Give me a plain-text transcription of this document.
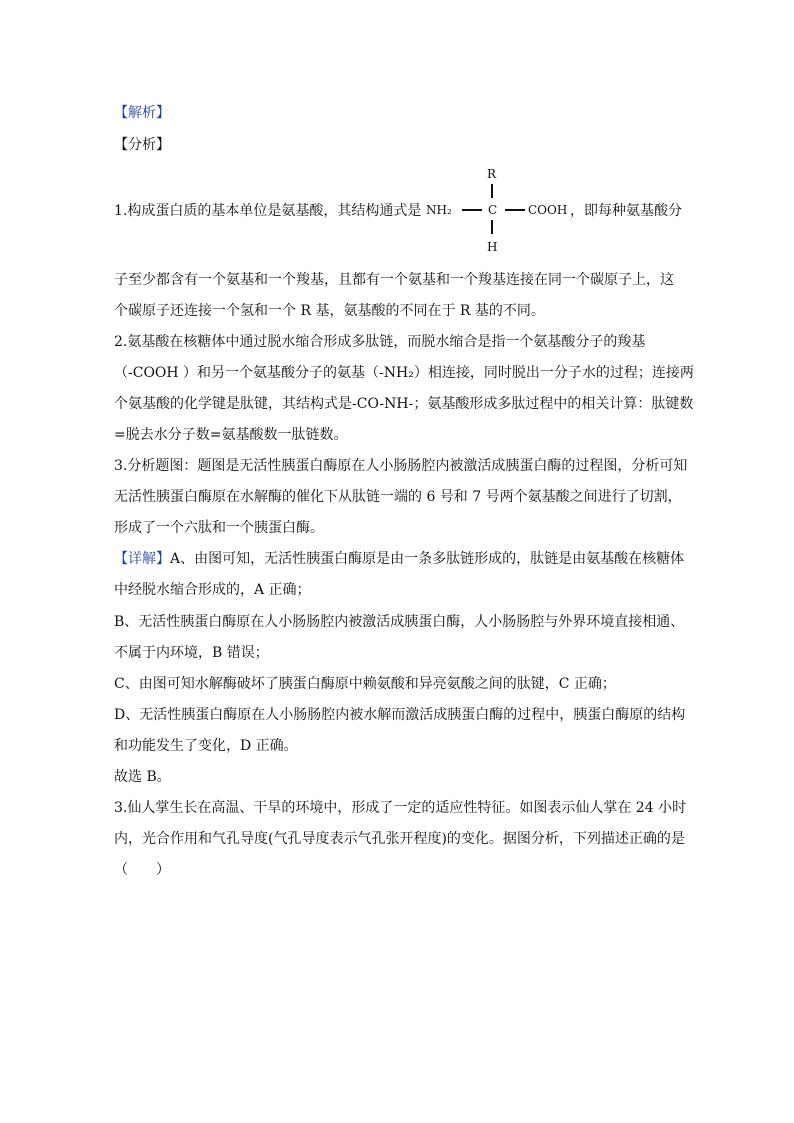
【解析】
【分析】
1.构成蛋白质的基本单位是氨基酸，其结构通式是
R
NH₂	C	COOH
H
，即每种氨基酸分
子至少都含有一个氨基和一个羧基，且都有一个氨基和一个羧基连接在同一个碳原子上，这
个碳原子还连接一个氢和一个 R 基，氨基酸的不同在于 R 基的不同。
2.氨基酸在核糖体中通过脱水缩合形成多肽链，而脱水缩合是指一个氨基酸分子的羧基
（-COOH ）和另一个氨基酸分子的氨基（-NH₂）相连接，同时脱出一分子水的过程；连接两
个氨基酸的化学键是肽键，其结构式是-CO-NH-；氨基酸形成多肽过程中的相关计算：肽键数
=脱去水分子数=氨基酸数一肽链数。
3.分析题图：题图是无活性胰蛋白酶原在人小肠肠腔内被激活成胰蛋白酶的过程图，分析可知
无活性胰蛋白酶原在水解酶的催化下从肽链一端的 6 号和 7 号两个氨基酸之间进行了切割，
形成了一个六肽和一个胰蛋白酶。
【详解】A、由图可知，无活性胰蛋白酶原是由一条多肽链形成的，肽链是由氨基酸在核糖体
中经脱水缩合形成的，A 正确；
B、无活性胰蛋白酶原在人小肠肠腔内被激活成胰蛋白酶，人小肠肠腔与外界环境直接相通、
不属于内环境，B 错误；
C、由图可知水解酶破坏了胰蛋白酶原中赖氨酸和异亮氨酸之间的肽键，C 正确；
D、无活性胰蛋白酶原在人小肠肠腔内被水解而激活成胰蛋白酶的过程中，胰蛋白酶原的结构
和功能发生了变化，D 正确。
故选 B。
3.仙人掌生长在高温、干旱的环境中，形成了一定的适应性特征。如图表示仙人掌在 24 小时
内，光合作用和气孔导度(气孔导度表示气孔张开程度)的变化。据图分析，下列描述正确的是
（　　）
